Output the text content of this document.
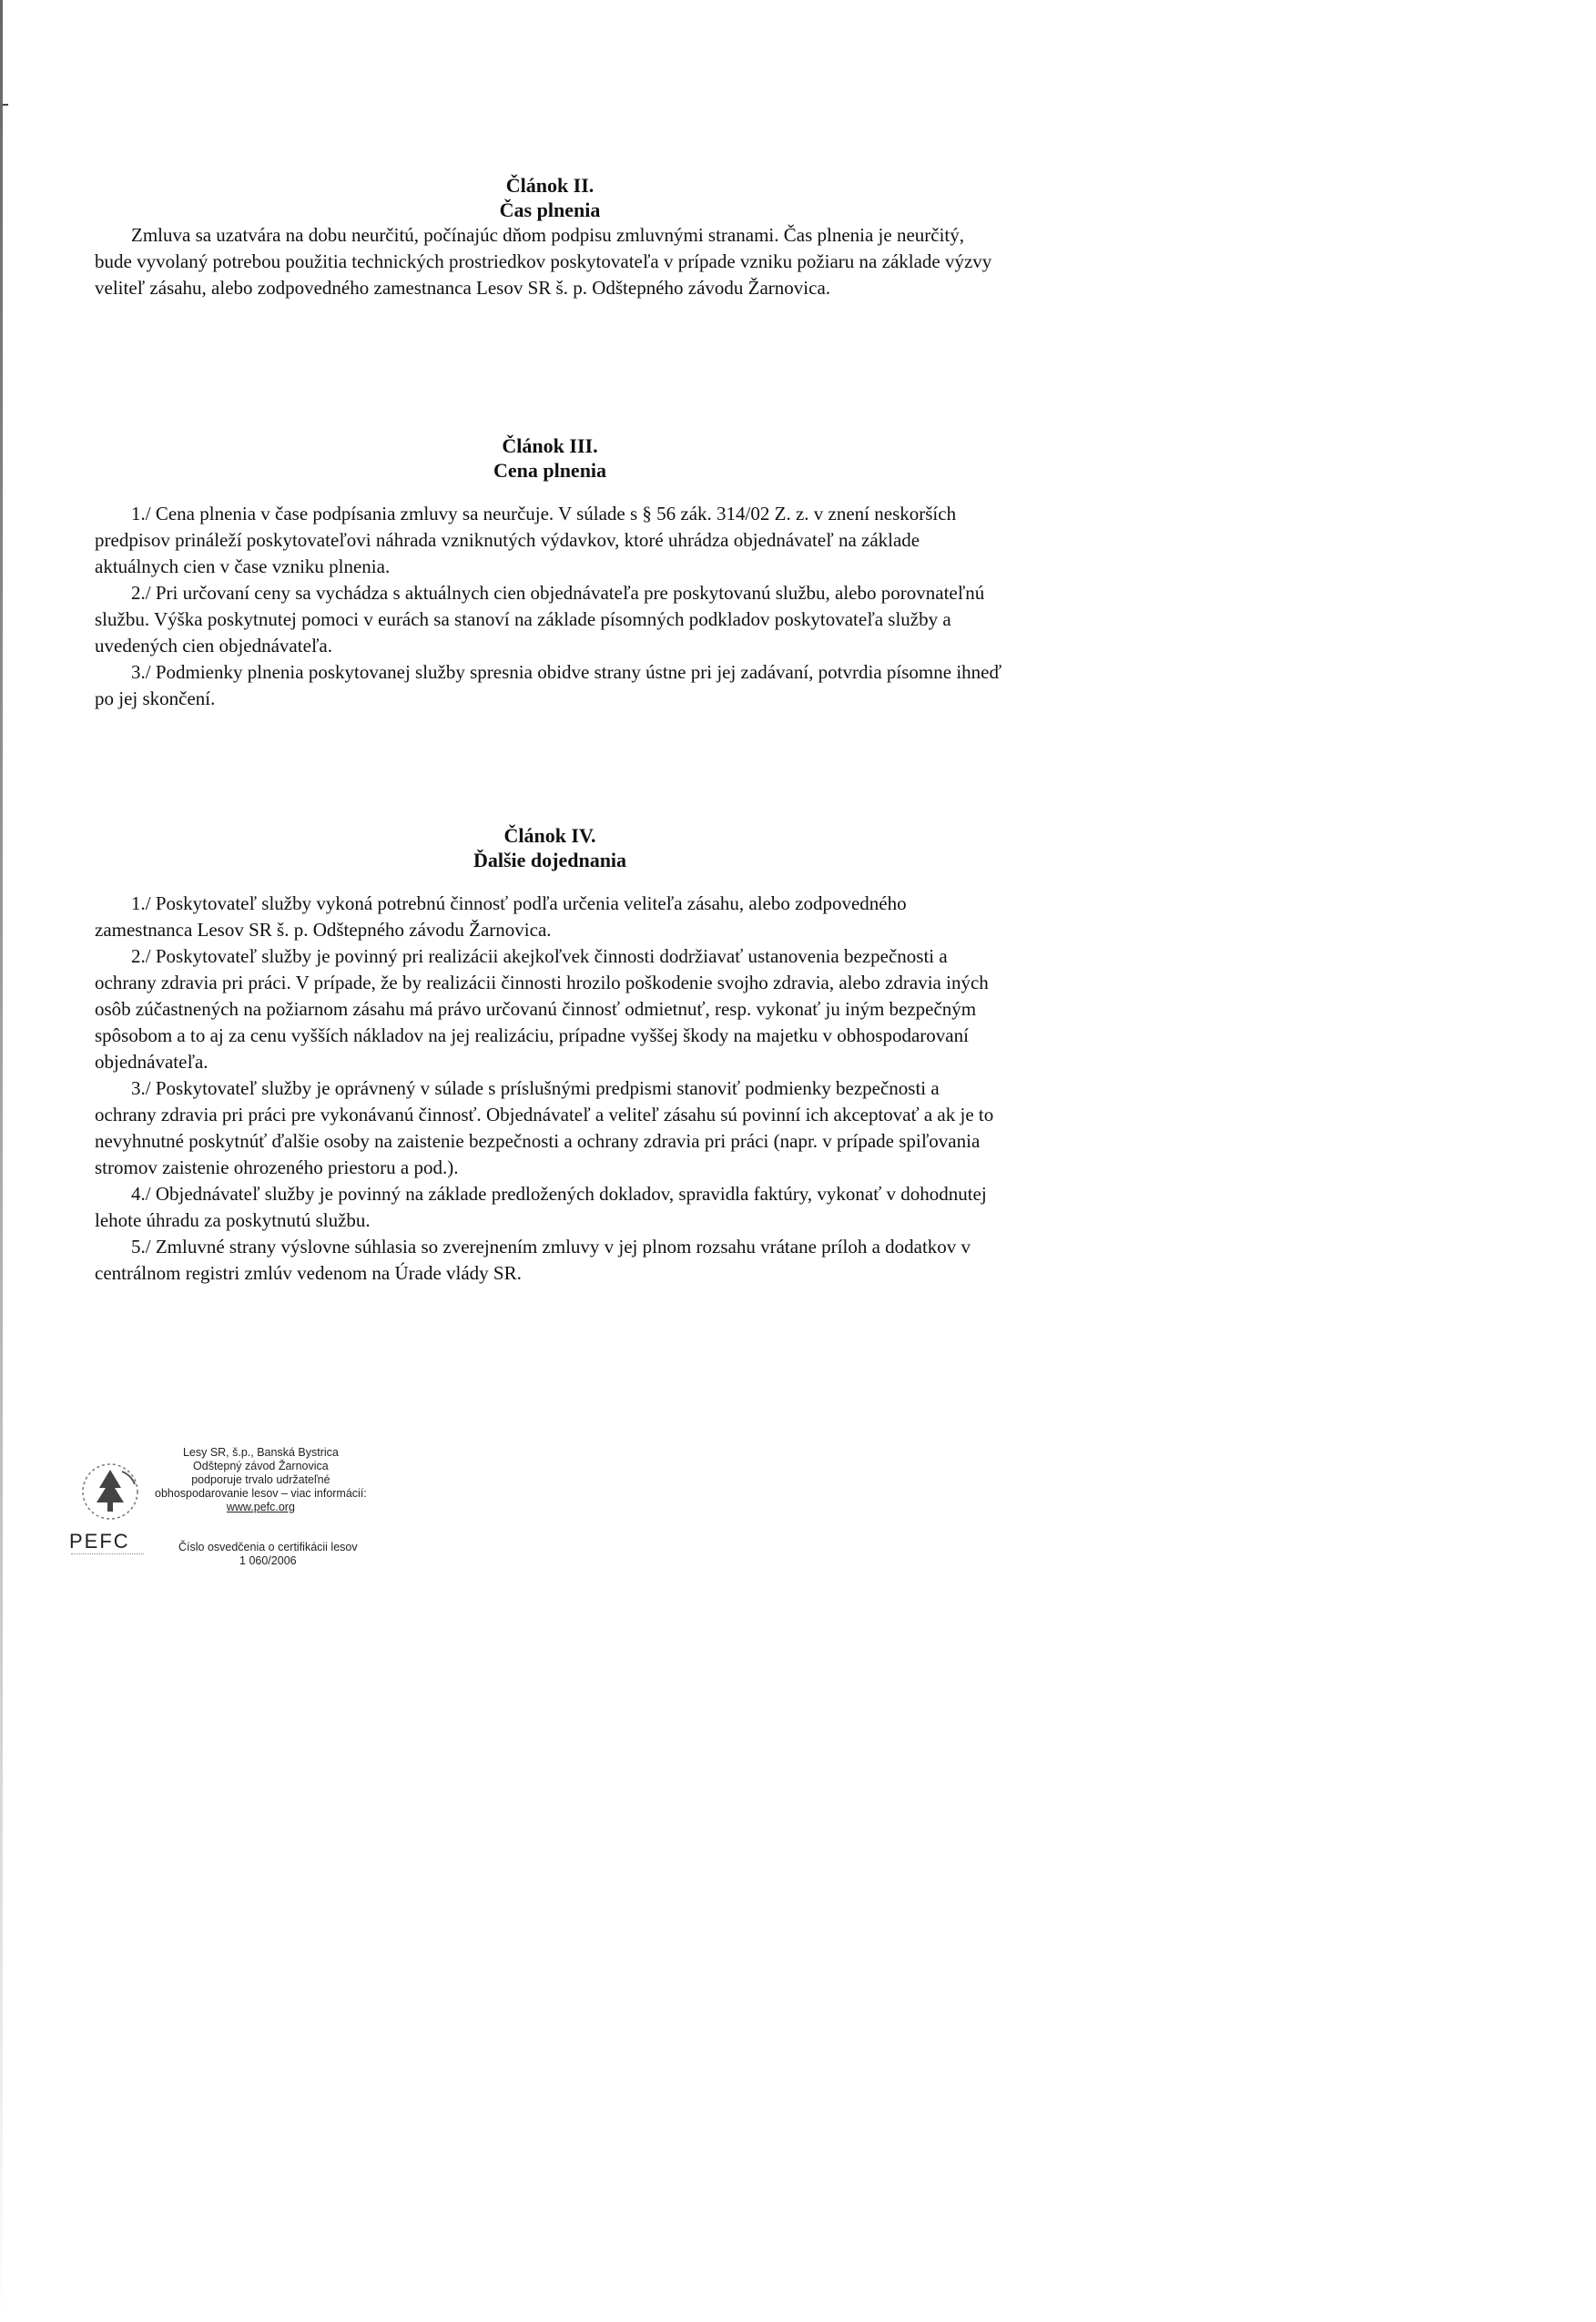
Článok II.
Čas plnenia

Zmluva sa uzatvára na dobu neurčitú, počínajúc dňom podpisu zmluvnými stranami. Čas plnenia je neurčitý, bude vyvolaný potrebou použitia technických prostriedkov poskytovateľa v prípade vzniku požiaru na základe výzvy veliteľ zásahu, alebo zodpovedného zamestnanca Lesov SR š. p. Odštepného závodu Žarnovica.

Článok III.
Cena plnenia

1./ Cena plnenia v čase podpísania zmluvy sa neurčuje. V súlade s § 56 zák. 314/02 Z. z. v znení neskorších predpisov prináleží poskytovateľovi náhrada vzniknutých výdavkov, ktoré uhrádza objednávateľ na základe aktuálnych cien v čase vzniku plnenia.

2./ Pri určovaní ceny sa vychádza s aktuálnych cien objednávateľa pre poskytovanú službu, alebo porovnateľnú službu. Výška poskytnutej pomoci v eurách sa stanoví na základe písomných podkladov poskytovateľa služby a uvedených cien objednávateľa.

3./ Podmienky plnenia poskytovanej služby spresnia obidve strany ústne pri jej zadávaní, potvrdia písomne ihneď po jej skončení.

Článok IV.
Ďalšie dojednania

1./ Poskytovateľ služby vykoná potrebnú činnosť podľa určenia veliteľa zásahu, alebo zodpovedného zamestnanca Lesov SR š. p. Odštepného závodu Žarnovica.

2./ Poskytovateľ služby je povinný pri realizácii akejkoľvek činnosti dodržiavať ustanovenia bezpečnosti a ochrany zdravia pri práci. V prípade, že by realizácii činnosti hrozilo poškodenie svojho zdravia, alebo zdravia iných osôb zúčastnených na požiarnom zásahu má právo určovanú činnosť odmietnuť, resp. vykonať ju iným bezpečným spôsobom a to aj za cenu vyšších nákladov na jej realizáciu, prípadne vyššej škody na majetku v obhospodarovaní objednávateľa.

3./ Poskytovateľ služby je oprávnený v súlade s príslušnými predpismi stanoviť podmienky bezpečnosti a ochrany zdravia pri práci pre vykonávanú činnosť. Objednávateľ a veliteľ zásahu sú povinní ich akceptovať a ak je to nevyhnutné poskytnúť ďalšie osoby na zaistenie bezpečnosti a ochrany zdravia pri práci (napr. v prípade spiľovania stromov zaistenie ohrozeného priestoru a pod.).

4./ Objednávateľ služby je povinný na základe predložených dokladov, spravidla faktúry, vykonať v dohodnutej lehote úhradu za poskytnutú službu.

5./ Zmluvné strany výslovne súhlasia so zverejnením zmluvy v jej plnom rozsahu vrátane príloh a dodatkov v centrálnom registri zmlúv vedenom na Úrade vlády SR.

Lesy SR, š.p., Banská Bystrica
Odštepný závod Žarnovica
podporuje trvalo udržateľné
obhospodarovanie lesov – viac informácií:
www.pefc.org
PEFC	Číslo osvedčenia o certifikácii lesov
1 060/2006
